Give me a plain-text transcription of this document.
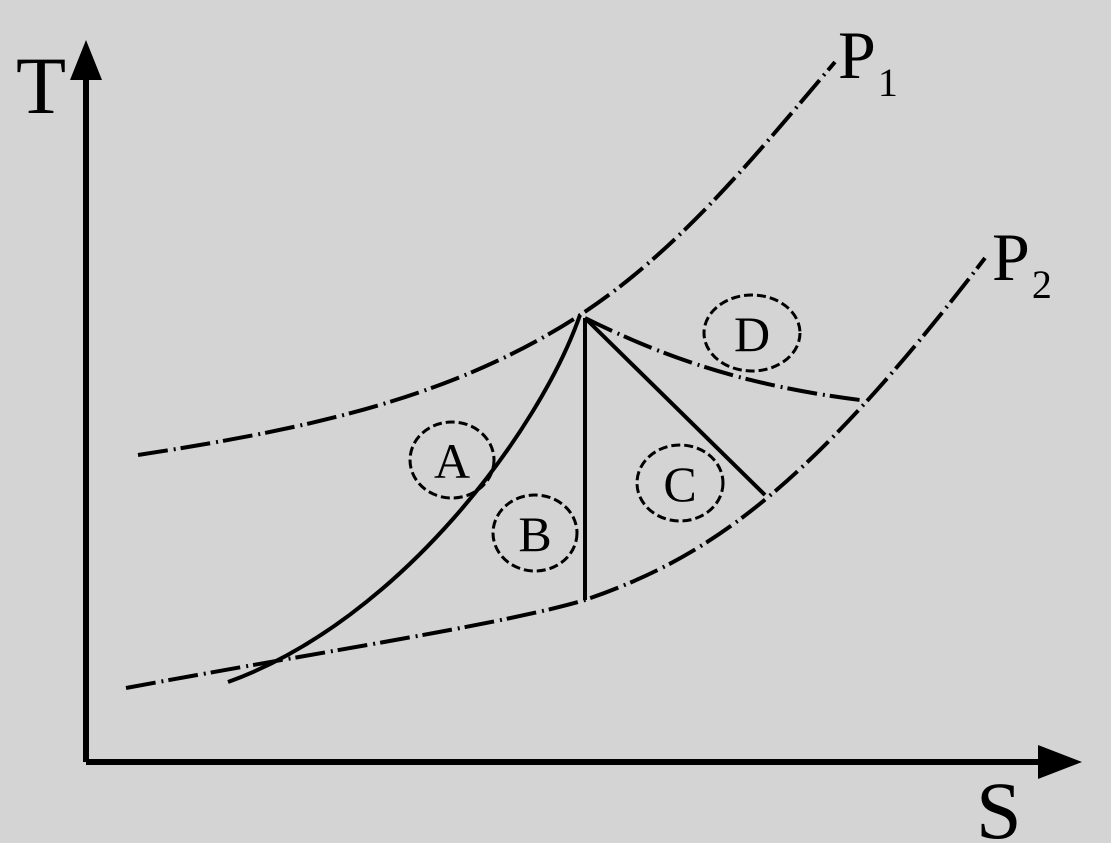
T
S
$P_1$
$P_2$
A
B
C
D
